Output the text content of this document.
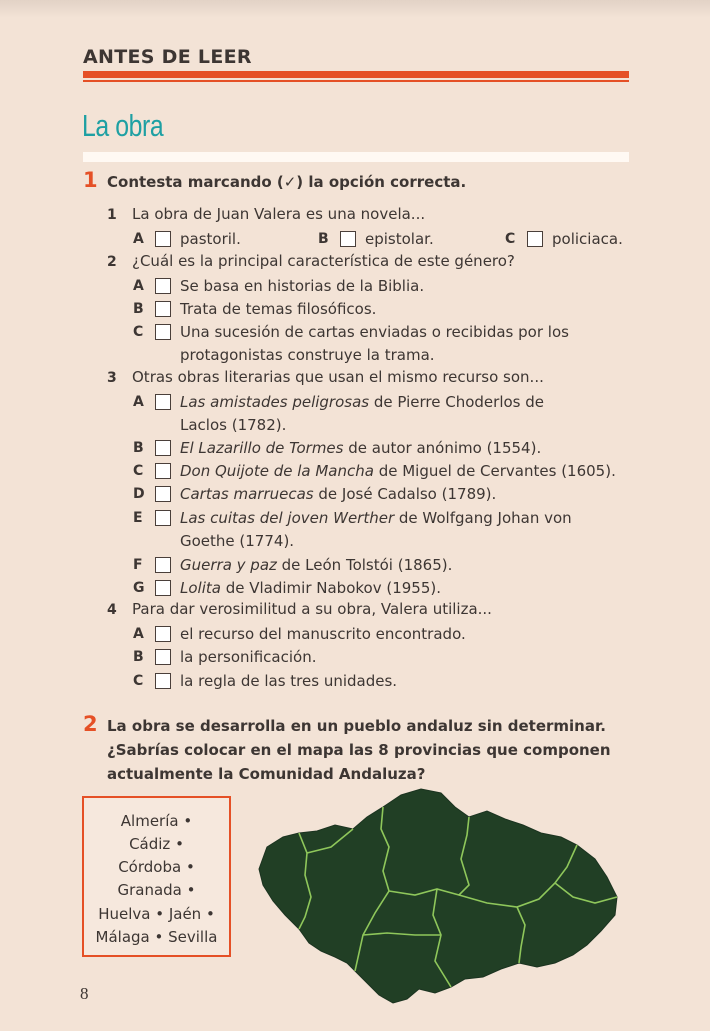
ANTES DE LEER
La obra
1 Contesta marcando (✓) la opción correcta.
1 La obra de Juan Valera es una novela...
A	pastoril.	B	epistolar.	C	policiaca.
2 ¿Cuál es la principal característica de este género?
A	Se basa en historias de la Biblia.
B	Trata de temas filosóficos.
C	Una sucesión de cartas enviadas o recibidas por los
protagonistas construye la trama.
3 Otras obras literarias que usan el mismo recurso son...
A	Las amistades peligrosas de Pierre Choderlos de
Laclos (1782).
B	El Lazarillo de Tormes de autor anónimo (1554).
C	Don Quijote de la Mancha de Miguel de Cervantes (1605).
D	Cartas marruecas de José Cadalso (1789).
E	Las cuitas del joven Werther de Wolfgang Johan von
Goethe (1774).
F	Guerra y paz de León Tolstói (1865).
G	Lolita de Vladimir Nabokov (1955).
4 Para dar verosimilitud a su obra, Valera utiliza...
A	el recurso del manuscrito encontrado.
B	la personificación.
C	la regla de las tres unidades.
2 La obra se desarrolla en un pueblo andaluz sin determinar.
¿Sabrías colocar en el mapa las 8 provincias que componen
actualmente la Comunidad Andaluza?
Almería •
Cádiz •
Córdoba •
Granada •
Huelva • Jaén •
Málaga • Sevilla
8
